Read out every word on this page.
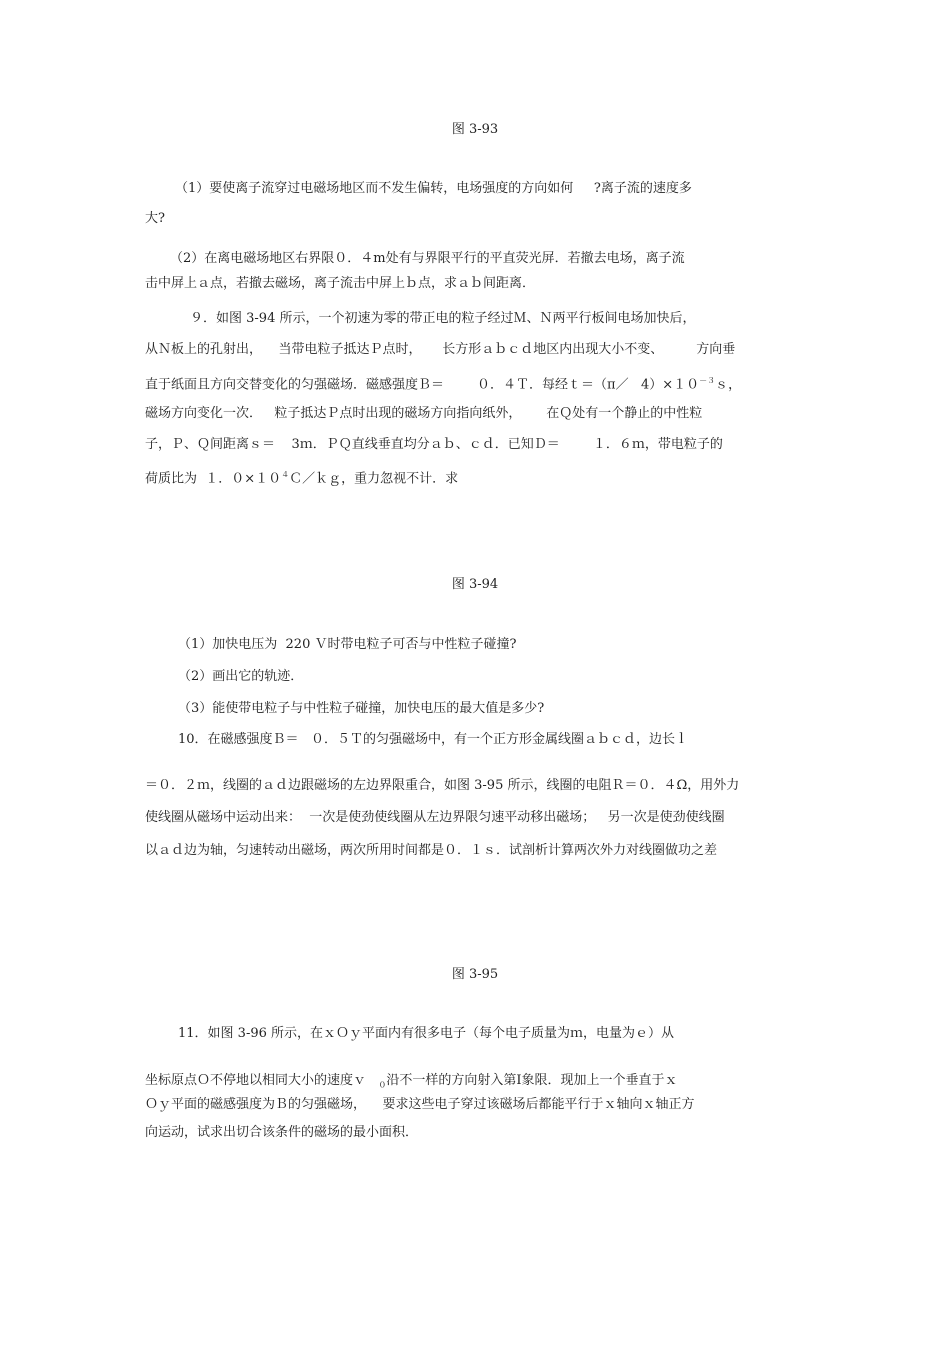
图 3-93
（1）要使离子流穿过电磁场地区而不发生偏转，电场强度的方向如何     ?离子流的速度多
大?
（2）在离电磁场地区右界限０．４m处有与界限平行的平直荧光屏．若撤去电场，离子流
击中屏上ａ点，若撤去磁场，离子流击中屏上ｂ点，求ａｂ间距离．
９．如图 3-94 所示，一个初速为零的带正电的粒子经过Ｍ、Ｎ两平行板间电场加快后，
从Ｎ板上的孔射出，    当带电粒子抵达Ｐ点时，     长方形ａｂｃｄ地区内出现大小不变、        方向垂
直于纸面且方向交替变化的匀强磁场．磁感强度Ｂ＝        ０．４Ｔ．每经ｔ＝（π／   $4)\times 10^{-3}s$，
磁场方向变化一次．   粒子抵达Ｐ点时出现的磁场方向指向纸外，      在Ｑ处有一个静止的中性粒
子，Ｐ、Ｑ间距离ｓ＝    3ｍ．ＰＱ直线垂直均分ａｂ、ｃｄ．已知Ｄ＝        １．６ｍ，带电粒子的
荷质比为  １．$0\times 10^4C/kg$，重力忽视不计．求
图 3-94
（1）加快电压为  220 Ｖ时带电粒子可否与中性粒子碰撞?
（2）画出它的轨迹．
（3）能使带电粒子与中性粒子碰撞，加快电压的最大值是多少?
10．在磁感强度Ｂ＝   ０．５Ｔ的匀强磁场中，有一个正方形金属线圈ａｂｃｄ，边长ｌ
＝０．２ｍ，线圈的ａｄ边跟磁场的左边界限重合，如图 3-95 所示，线圈的电阻Ｒ＝０．４Ω，用外力
使线圈从磁场中运动出来：  一次是使劲使线圈从左边界限匀速平动移出磁场；   另一次是使劲使线圈
以ａｄ边为轴，匀速转动出磁场，两次所用时间都是０．１ｓ．试剖析计算两次外力对线圈做功之差
图 3-95
11．如图 3-96 所示，在ｘＯｙ平面内有很多电子（每个电子质量为ｍ，电量为ｅ）从
坐标原点Ｏ不停地以相同大小的速度ｖ   $_0$沿不一样的方向射入第Ⅰ象限．现加上一个垂直于ｘ
Ｏｙ平面的磁感强度为Ｂ的匀强磁场，    要求这些电子穿过该磁场后都能平行于ｘ轴向ｘ轴正方
向运动，试求出切合该条件的磁场的最小面积．
